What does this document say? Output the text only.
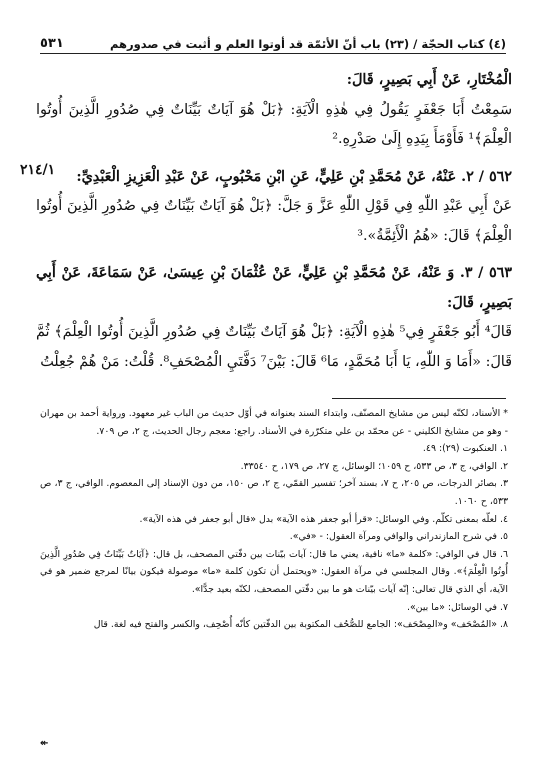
(٤) كتاب الحجّة / (٢٣) باب أنّ الأئمّة قد أوتوا العلم و أثبت في صدورهم
٥٣١
٢١٤/١

الْمُخْتَارِ، عَنْ أَبِي بَصِيرٍ، قَالَ:

سَمِعْتُ أَبَا جَعْفَرٍ يَقُولُ فِي هٰذِهِ الْآيَةِ: ﴿بَلْ هُوَ آيَاتٌ بَيِّنَاتٌ فِي صُدُورِ الَّذِينَ أُوتُوا الْعِلْمَ﴾¹ فَأَوْمَأَ بِيَدِهِ إِلَىٰ صَدْرِهِ.²

٥٦٢ / ٢. عَنْهُ، عَنْ مُحَمَّدِ بْنِ عَلِيٍّ، عَنِ ابْنِ مَحْبُوبٍ، عَنْ عَبْدِ الْعَزِيزِ الْعَبْدِيِّ:

عَنْ أَبِي عَبْدِ اللّٰهِ فِي قَوْلِ اللّٰهِ عَزَّ وَ جَلَّ: ﴿بَلْ هُوَ آيَاتٌ بَيِّنَاتٌ فِي صُدُورِ الَّذِينَ أُوتُوا الْعِلْمَ﴾ قَالَ: «هُمُ الْأَئِمَّةُ».³

٥٦٣ / ٣. وَ عَنْهُ، عَنْ مُحَمَّدِ بْنِ عَلِيٍّ، عَنْ عُثْمَانَ بْنِ عِيسَىٰ، عَنْ سَمَاعَةَ، عَنْ أَبِي بَصِيرٍ، قَالَ:

قَالَ⁴ أَبُو جَعْفَرٍ فِي⁵ هٰذِهِ الْآيَةِ: ﴿بَلْ هُوَ آيَاتٌ بَيِّنَاتٌ فِي صُدُورِ الَّذِينَ أُوتُوا الْعِلْمَ﴾ ثُمَّ قَالَ: «أَمَا وَ اللّٰهِ، يَا أَبَا مُحَمَّدٍ، مَا⁶ قَالَ: بَيْنَ⁷ دَفَّتَيِ الْمُصْحَفِ⁸. قُلْتُ: مَنْ هُمْ جُعِلْتُ

* الأسناد، لكنّه ليس من مشايخ المصنّف، وابتداء السند بعنوانه في أوّل حديث من الباب غير معهود. ورواية أحمد بن مهران - وهو من مشايخ الكليني - عن محمّد بن علي متكرّرة في الأسناد. راجع: معجم رجال الحديث، ج ٢، ص ٧٠٩.

١. العنكبوت (٢٩): ٤٩.

٢. الوافي، ج ٣، ص ٥٣٣، ح ١٠٥٩؛ الوسائل، ج ٢٧، ص ١٧٩، ح ٣٣٥٤٠.

٣. بصائر الدرجات، ص ٢٠٥، ح ٧، بسند آخر؛ تفسير القمّي، ج ٢، ص ١٥٠، من دون الإسناد إلى المعصوم. الوافي، ج ٣، ص ٥٣٣، ح ١٠٦٠.

٤. لعلّه بمعنى تكلّم. وفي الوسائل: «قرأ أبو جعفر هذه الآية» بدل «قال أبو جعفر في هذه الآية».

٥. في شرح المازندراني والوافي ومرآة العقول: - «في».

٦. قال في الوافي: «كلمة «ما» نافية، يعني ما قال: آيات بيّنات بين دفّتي المصحف، بل قال: ﴿آيَاتٌ بَيِّنَاتٌ فِي صُدُورِ الَّذِينَ أُوتُوا الْعِلْمَ﴾». وقال المجلسي في مرآة العقول: «ويحتمل أن تكون كلمة «ما» موصولة فيكون بيانًا لمرجع ضمير هو في الآية، أي الذي قال تعالى: إنّه آيات بيّنات هو ما بين دفّتي المصحف، لكنّه بعيد جدًّا».

٧. في الوسائل: «ما بين».

٨. «المُصْحَف» و«المِصْحَف»: الجامع للصُّحُف المكتوبة بين الدفّتين كأنّه أُصْحِف، والكسر والفتح فيه لغة. قال

↞
